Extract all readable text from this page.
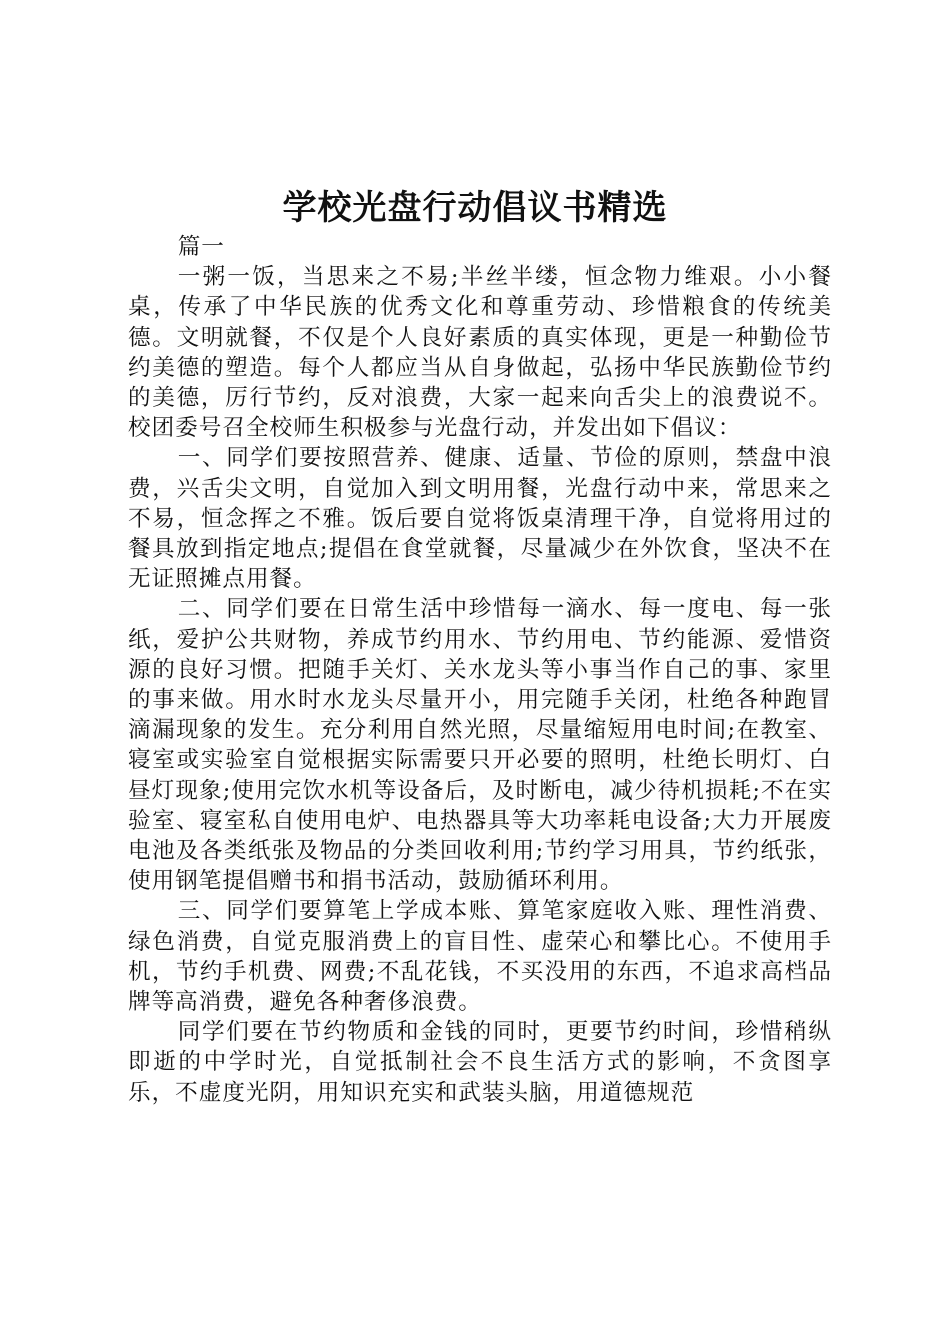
学校光盘行动倡议书精选

篇一

一粥一饭，当思来之不易;半丝半缕，恒念物力维艰。小小餐桌，传承了中华民族的优秀文化和尊重劳动、珍惜粮食的传统美德。文明就餐，不仅是个人良好素质的真实体现，更是一种勤俭节约美德的塑造。每个人都应当从自身做起，弘扬中华民族勤俭节约的美德，厉行节约，反对浪费，大家一起来向舌尖上的浪费说不。校团委号召全校师生积极参与光盘行动，并发出如下倡议：

一、同学们要按照营养、健康、适量、节俭的原则，禁盘中浪费，兴舌尖文明，自觉加入到文明用餐，光盘行动中来，常思来之不易，恒念挥之不雅。饭后要自觉将饭桌清理干净，自觉将用过的餐具放到指定地点;提倡在食堂就餐，尽量减少在外饮食，坚决不在无证照摊点用餐。

二、同学们要在日常生活中珍惜每一滴水、每一度电、每一张纸，爱护公共财物，养成节约用水、节约用电、节约能源、爱惜资源的良好习惯。把随手关灯、关水龙头等小事当作自己的事、家里的事来做。用水时水龙头尽量开小，用完随手关闭，杜绝各种跑冒滴漏现象的发生。充分利用自然光照，尽量缩短用电时间;在教室、寝室或实验室自觉根据实际需要只开必要的照明，杜绝长明灯、白昼灯现象;使用完饮水机等设备后，及时断电，减少待机损耗;不在实验室、寝室私自使用电炉、电热器具等大功率耗电设备;大力开展废电池及各类纸张及物品的分类回收利用;节约学习用具，节约纸张，使用钢笔提倡赠书和捐书活动，鼓励循环利用。

三、同学们要算笔上学成本账、算笔家庭收入账、理性消费、绿色消费，自觉克服消费上的盲目性、虚荣心和攀比心。不使用手机，节约手机费、网费;不乱花钱，不买没用的东西，不追求高档品牌等高消费，避免各种奢侈浪费。

同学们要在节约物质和金钱的同时，更要节约时间，珍惜稍纵即逝的中学时光，自觉抵制社会不良生活方式的影响，不贪图享乐，不虚度光阴，用知识充实和武装头脑，用道德规范
